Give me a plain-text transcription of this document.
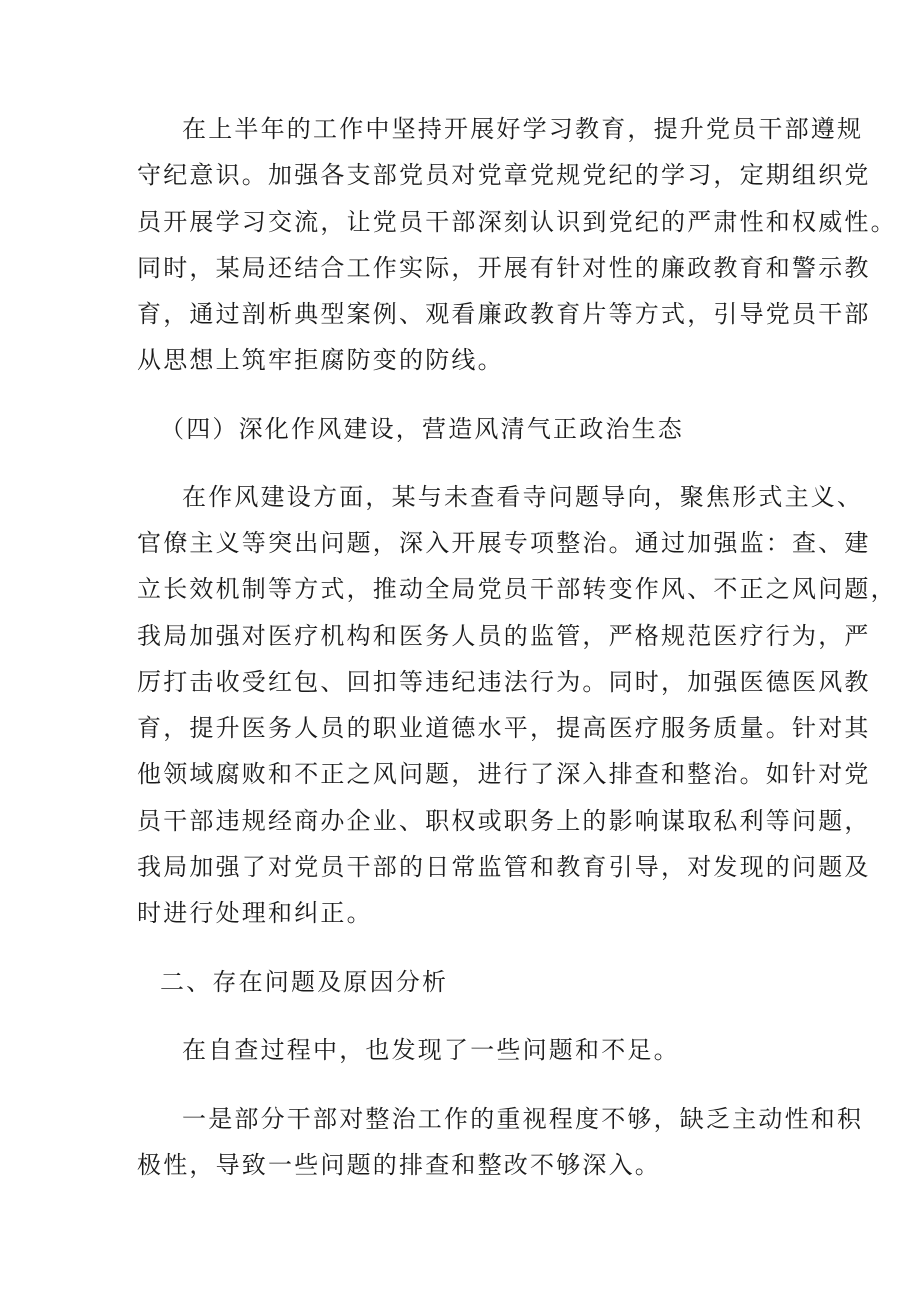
在上半年的工作中坚持开展好学习教育，提升党员干部遵规
守纪意识。加强各支部党员对党章党规党纪的学习，定期组织党
员开展学习交流，让党员干部深刻认识到党纪的严肃性和权威性。
同时，某局还结合工作实际，开展有针对性的廉政教育和警示教
育，通过剖析典型案例、观看廉政教育片等方式，引导党员干部
从思想上筑牢拒腐防变的防线。
（四）深化作风建设，营造风清气正政治生态
在作风建设方面，某与未查看寺问题导向，聚焦形式主义、
官僚主义等突出问题，深入开展专项整治。通过加强监：查、建
立长效机制等方式，推动全局党员干部转变作风、不正之风问题，
我局加强对医疗机构和医务人员的监管，严格规范医疗行为，严
厉打击收受红包、回扣等违纪违法行为。同时，加强医德医风教
育，提升医务人员的职业道德水平，提高医疗服务质量。针对其
他领域腐败和不正之风问题，进行了深入排查和整治。如针对党
员干部违规经商办企业、职权或职务上的影响谋取私利等问题，
我局加强了对党员干部的日常监管和教育引导，对发现的问题及
时进行处理和纠正。
二、存在问题及原因分析
在自查过程中，也发现了一些问题和不足。
一是部分干部对整治工作的重视程度不够，缺乏主动性和积
极性，导致一些问题的排查和整改不够深入。
